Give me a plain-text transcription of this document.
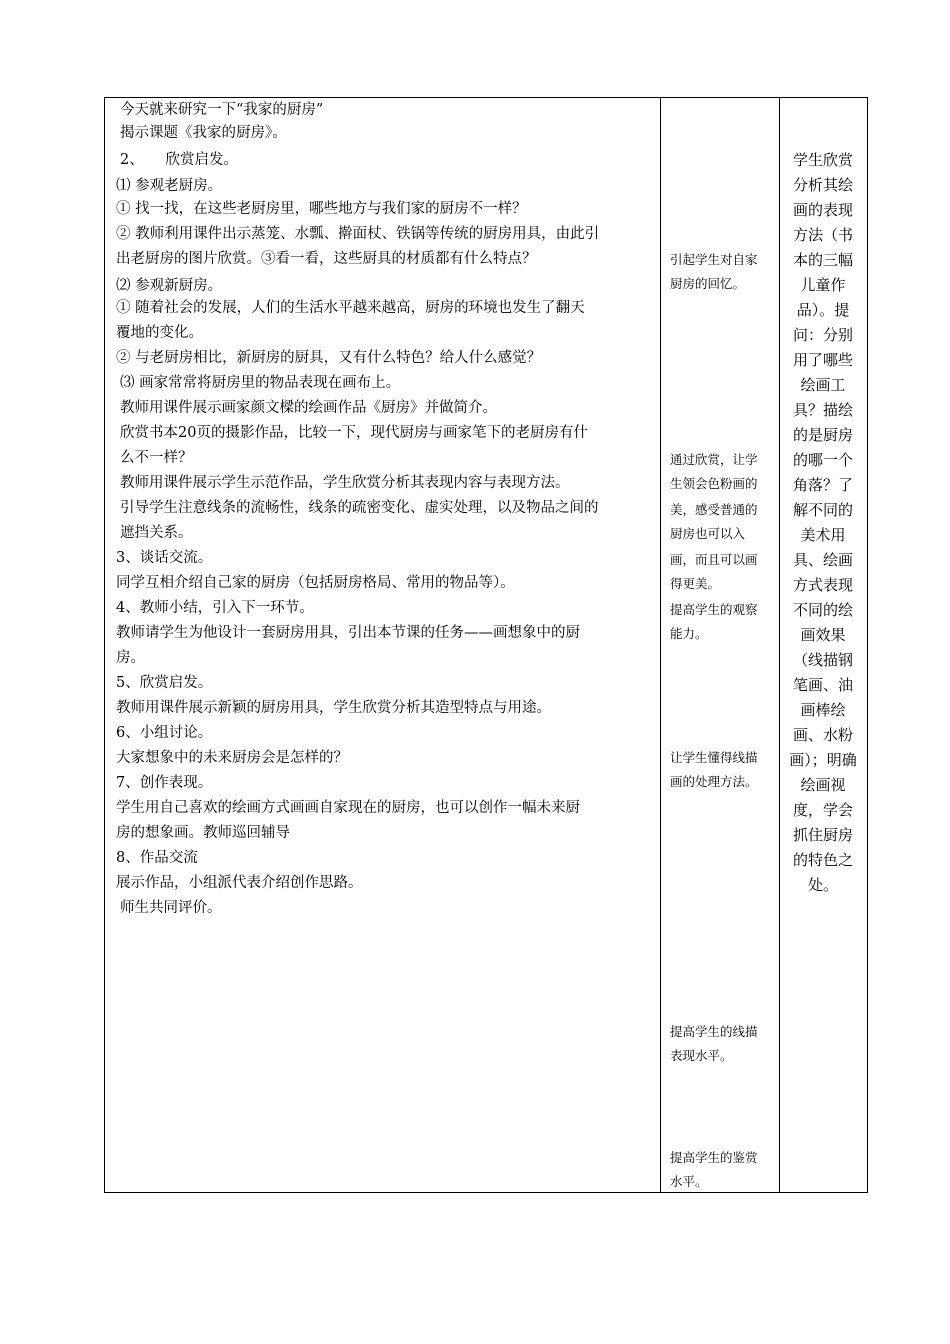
今天就来研究一下“我家的厨房”
揭示课题《我家的厨房》。
2、　　欣赏启发。
⑴ 参观老厨房。
① 找一找，在这些老厨房里，哪些地方与我们家的厨房不一样？
② 教师利用课件出示蒸笼、水瓢、擀面杖、铁锅等传统的厨房用具，由此引
出老厨房的图片欣赏。③看一看，这些厨具的材质都有什么特点？
⑵ 参观新厨房。
① 随着社会的发展，人们的生活水平越来越高，厨房的环境也发生了翻天
覆地的变化。
② 与老厨房相比，新厨房的厨具，又有什么特色？给人什么感觉？
⑶ 画家常常将厨房里的物品表现在画布上。
教师用课件展示画家颜文樑的绘画作品《厨房》并做简介。
欣赏书本20页的摄影作品，比较一下，现代厨房与画家笔下的老厨房有什
么不一样？
教师用课件展示学生示范作品，学生欣赏分析其表现内容与表现方法。
引导学生注意线条的流畅性，线条的疏密变化、虚实处理，以及物品之间的
遮挡关系。
3、谈话交流。
同学互相介绍自己家的厨房（包括厨房格局、常用的物品等）。
4、教师小结，引入下一环节。
教师请学生为他设计一套厨房用具，引出本节课的任务——画想象中的厨
房。
5、欣赏启发。
教师用课件展示新颖的厨房用具，学生欣赏分析其造型特点与用途。
6、小组讨论。
大家想象中的未来厨房会是怎样的？
7、创作表现。
学生用自己喜欢的绘画方式画画自家现在的厨房，也可以创作一幅未来厨
房的想象画。教师巡回辅导
8、作品交流
展示作品，小组派代表介绍创作思路。
师生共同评价。
引起学生对自家
厨房的回忆。
通过欣赏，让学
生领会色粉画的
美，感受普通的
厨房也可以入
画，而且可以画
得更美。
提高学生的观察
能力。
让学生懂得线描
画的处理方法。
提高学生的线描
表现水平。
提高学生的鉴赏
水平。
学生欣赏
分析其绘
画的表现
方法（书
本的三幅
儿童作
品）。提
问：分别
用了哪些
绘画工
具？描绘
的是厨房
的哪一个
角落？了
解不同的
美术用
具、绘画
方式表现
不同的绘
画效果
（线描钢
笔画、油
画棒绘
画、水粉
画）；明确
绘画视
度，学会
抓住厨房
的特色之
处。
